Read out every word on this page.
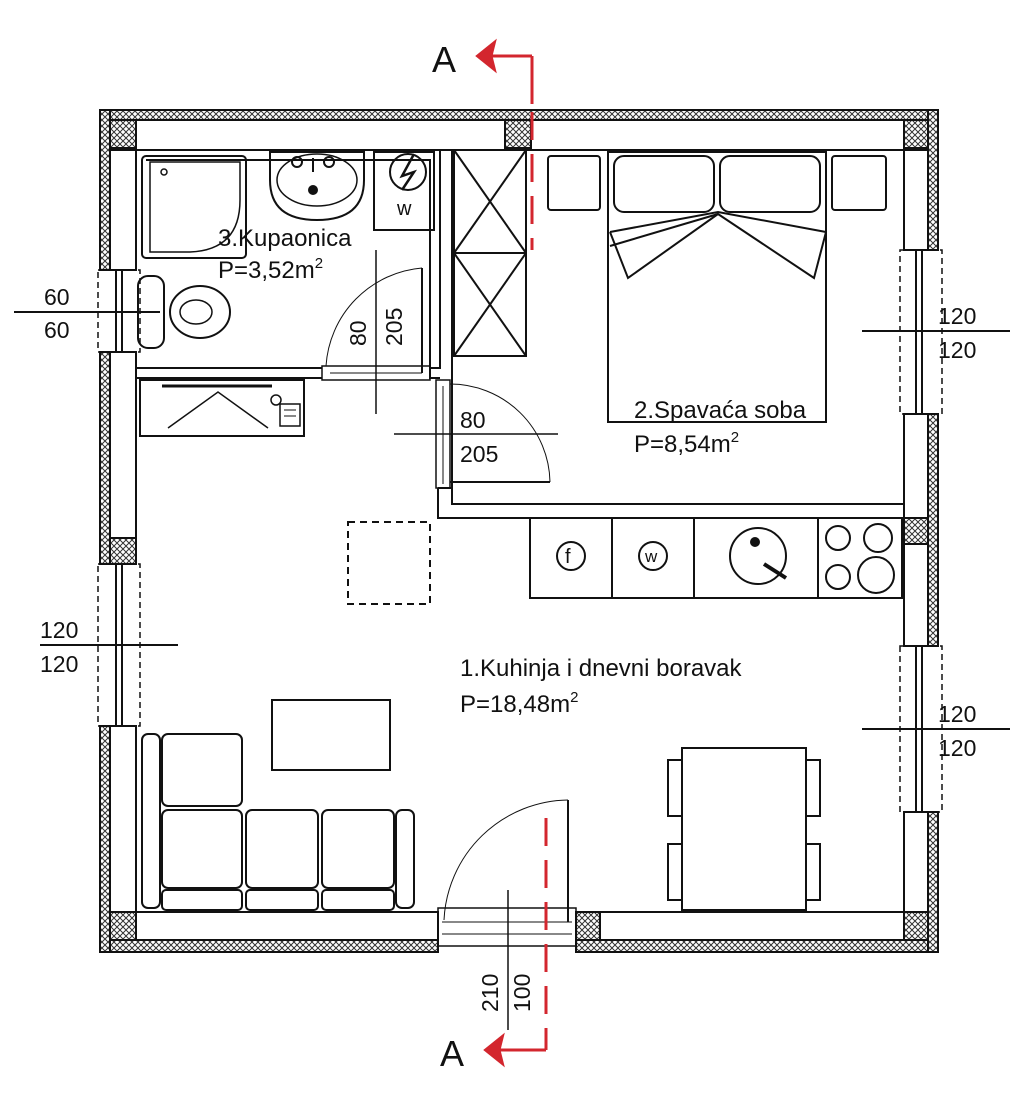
w
f	w
A
A
3.Kupaonica
$P=3,52m^2$
2.Spavaća soba
$P=8,54m^2$
1.Kuhinja i dnevni boravak
$P=18,48m^2$
60
60
120
120
120
120
120
120
80 205
80
205
100
210
